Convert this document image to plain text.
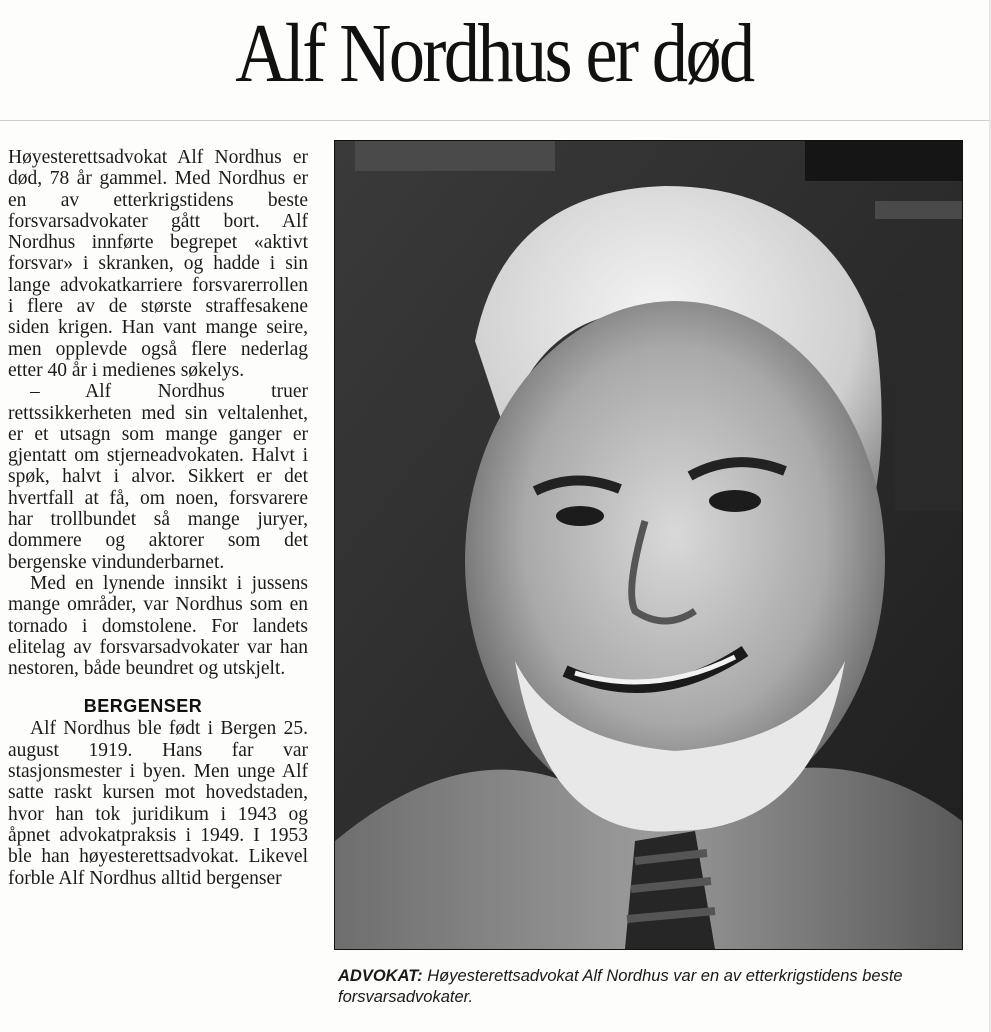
Alf Nordhus er død

Høyesterettsadvokat Alf Nordhus er død, 78 år gammel. Med Nordhus er en av etterkrigstidens beste forsvarsadvokater gått bort. Alf Nordhus innførte begrepet «aktivt forsvar» i skranken, og hadde i sin lange advokatkarriere forsvarerrollen i flere av de største straffesakene siden krigen. Han vant mange seire, men opplevde også flere nederlag etter 40 år i medienes søkelys.

– Alf Nordhus truer rettssikkerheten med sin veltalenhet, er et utsagn som mange ganger er gjentatt om stjerneadvokaten. Halvt i spøk, halvt i alvor. Sikkert er det hvertfall at få, om noen, forsvarere har trollbundet så mange juryer, dommere og aktorer som det bergenske vindunderbarnet.

Med en lynende innsikt i jussens mange områder, var Nordhus som en tornado i domstolene. For landets elitelag av forsvarsadvokater var han nestoren, både beundret og utskjelt.

BERGENSER

Alf Nordhus ble født i Bergen 25. august 1919. Hans far var stasjonsmester i byen. Men unge Alf satte raskt kursen mot hovedstaden, hvor han tok juridikum i 1943 og åpnet advokatpraksis i 1949. I 1953 ble han høyesterettsadvokat. Likevel forble Alf Nordhus alltid bergenser

ADVOKAT: Høyesterettsadvokat Alf Nordhus var en av etterkrigstidens beste forsvarsadvokater.
